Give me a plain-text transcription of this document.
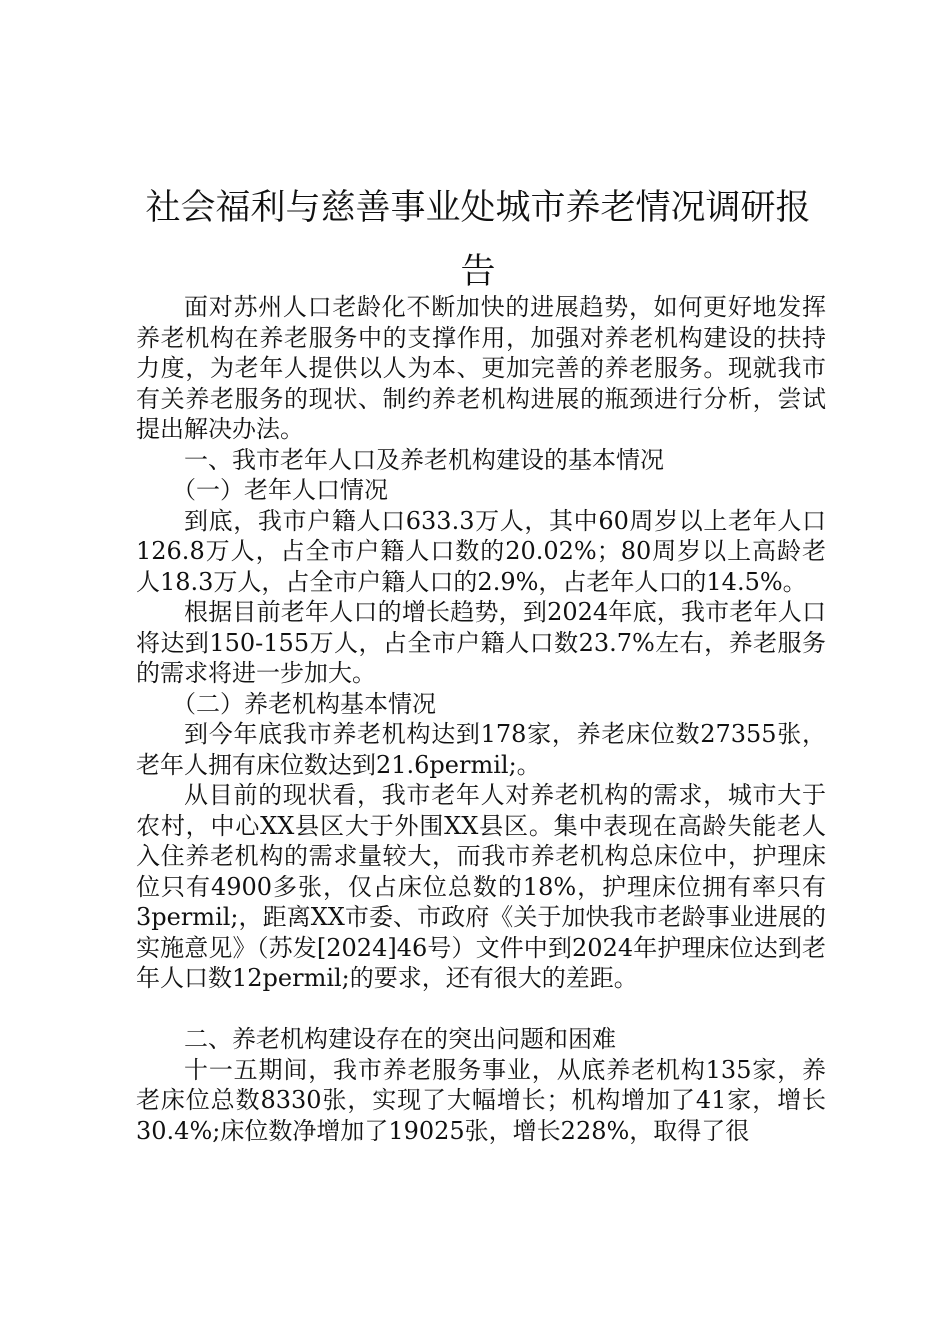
社会福利与慈善事业处城市养老情况调研报告

面对苏州人口老龄化不断加快的进展趋势，如何更好地发挥养老机构在养老服务中的支撑作用，加强对养老机构建设的扶持力度，为老年人提供以人为本、更加完善的养老服务。现就我市有关养老服务的现状、制约养老机构进展的瓶颈进行分析，尝试提出解决办法。

一、我市老年人口及养老机构建设的基本情况

（一）老年人口情况

到底，我市户籍人口633.3万人，其中60周岁以上老年人口126.8万人，占全市户籍人口数的20.02%；80周岁以上高龄老人18.3万人，占全市户籍人口的2.9%，占老年人口的14.5%。

根据目前老年人口的增长趋势，到2024年底，我市老年人口将达到150-155万人，占全市户籍人口数23.7%左右，养老服务的需求将进一步加大。

（二）养老机构基本情况

到今年底我市养老机构达到178家，养老床位数27355张，老年人拥有床位数达到21.6permil;。

从目前的现状看，我市老年人对养老机构的需求，城市大于农村，中心XX县区大于外围XX县区。集中表现在高龄失能老人入住养老机构的需求量较大，而我市养老机构总床位中，护理床位只有4900多张，仅占床位总数的18%，护理床位拥有率只有3permil;，距离XX市委、市政府《关于加快我市老龄事业进展的实施意见》（苏发[2024]46号）文件中到2024年护理床位达到老年人口数12permil;的要求，还有很大的差距。

二、养老机构建设存在的突出问题和困难

十一五期间，我市养老服务事业，从底养老机构135家，养老床位总数8330张，实现了大幅增长；机构增加了41家，增长30.4%;床位数净增加了19025张，增长228%，取得了很
